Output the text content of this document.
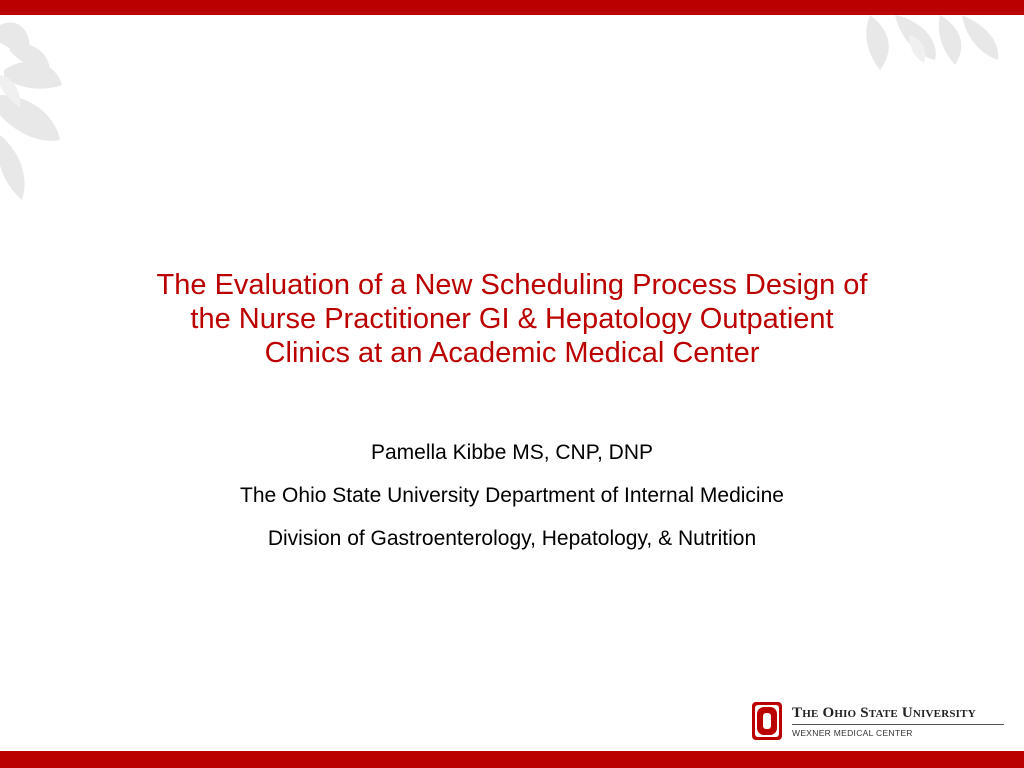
The Evaluation of a New Scheduling Process Design of
the Nurse Practitioner GI & Hepatology Outpatient
Clinics at an Academic Medical Center
Pamella Kibbe MS, CNP, DNP
The Ohio State University Department of Internal Medicine
Division of Gastroenterology, Hepatology, & Nutrition
The Ohio State University
WEXNER MEDICAL CENTER
